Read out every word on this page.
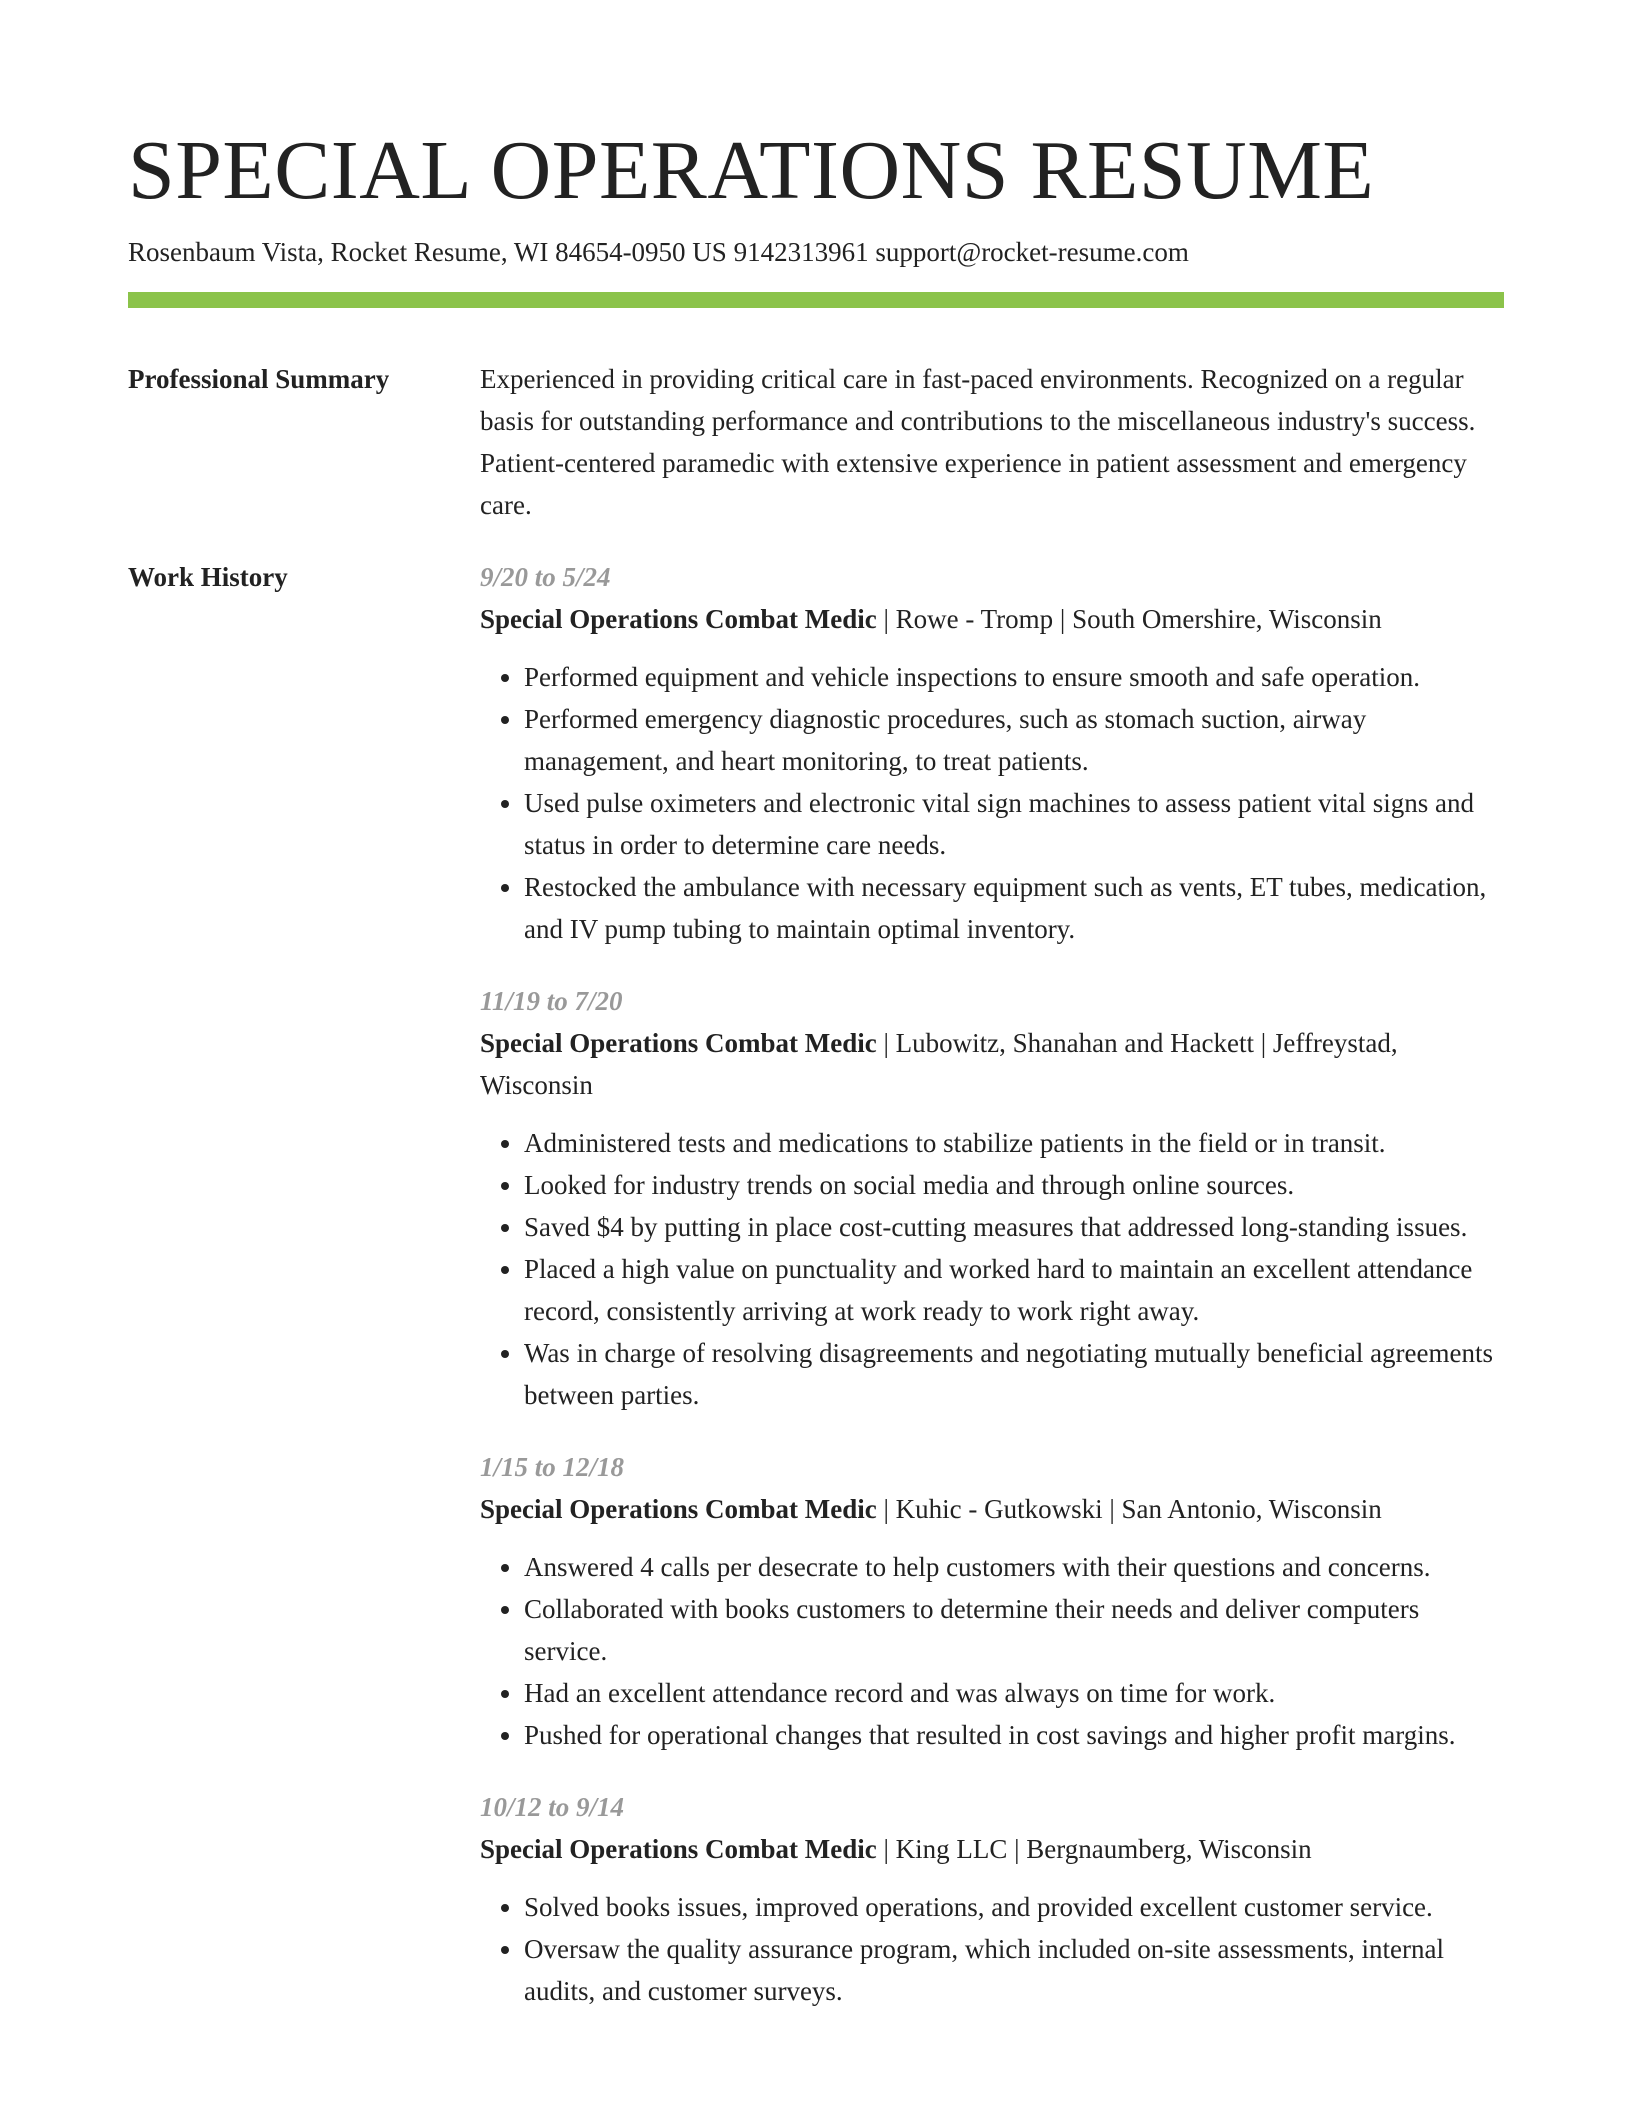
SPECIAL OPERATIONS RESUME
Rosenbaum Vista, Rocket Resume, WI 84654-0950 US 9142313961 support@rocket-resume.com
Professional Summary	Experienced in providing critical care in fast-paced environments. Recognized on a regular basis for outstanding performance and contributions to the miscellaneous industry's success. Patient-centered paramedic with extensive experience in patient assessment and emergency care.

Work History	9/20 to 5/24

Special Operations Combat Medic | Rowe - Tromp | South Omershire, Wisconsin

• Performed equipment and vehicle inspections to ensure smooth and safe operation.
• Performed emergency diagnostic procedures, such as stomach suction, airway management, and heart monitoring, to treat patients.
• Used pulse oximeters and electronic vital sign machines to assess patient vital signs and status in order to determine care needs.
• Restocked the ambulance with necessary equipment such as vents, ET tubes, medication, and IV pump tubing to maintain optimal inventory.
11/19 to 7/20

Special Operations Combat Medic | Lubowitz, Shanahan and Hackett | Jeffreystad, Wisconsin

• Administered tests and medications to stabilize patients in the field or in transit.
• Looked for industry trends on social media and through online sources.
• Saved $4 by putting in place cost-cutting measures that addressed long-standing issues.
• Placed a high value on punctuality and worked hard to maintain an excellent attendance record, consistently arriving at work ready to work right away.
• Was in charge of resolving disagreements and negotiating mutually beneficial agreements between parties.
1/15 to 12/18

Special Operations Combat Medic | Kuhic - Gutkowski | San Antonio, Wisconsin

• Answered 4 calls per desecrate to help customers with their questions and concerns.
• Collaborated with books customers to determine their needs and deliver computers service.
• Had an excellent attendance record and was always on time for work.
• Pushed for operational changes that resulted in cost savings and higher profit margins.
10/12 to 9/14

Special Operations Combat Medic | King LLC | Bergnaumberg, Wisconsin

• Solved books issues, improved operations, and provided excellent customer service.
• Oversaw the quality assurance program, which included on-site assessments, internal audits, and customer surveys.
